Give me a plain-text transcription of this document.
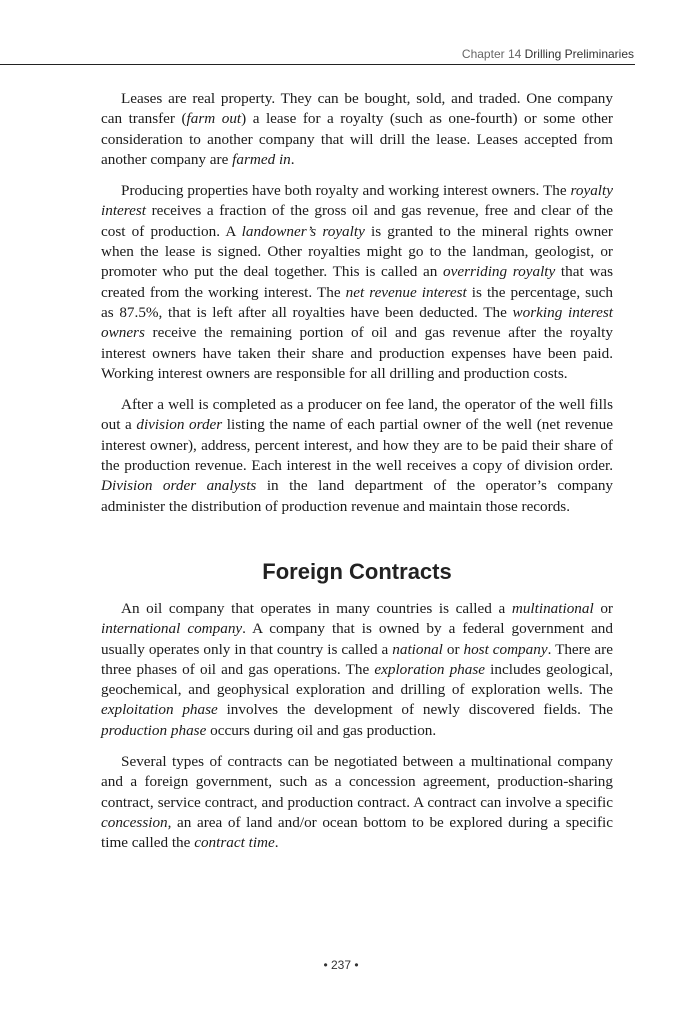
Chapter 14 Drilling Preliminaries

Leases are real property. They can be bought, sold, and traded. One company can transfer (farm out) a lease for a royalty (such as one-fourth) or some other consideration to another company that will drill the lease. Leases accepted from another company are farmed in.

Producing properties have both royalty and working interest owners. The royalty interest receives a fraction of the gross oil and gas revenue, free and clear of the cost of production. A landowner’s royalty is granted to the mineral rights owner when the lease is signed. Other royalties might go to the landman, geologist, or promoter who put the deal together. This is called an overriding royalty that was created from the working interest. The net revenue interest is the percentage, such as 87.5%, that is left after all royalties have been deducted. The working interest owners receive the remaining portion of oil and gas revenue after the royalty interest owners have taken their share and production expenses have been paid. Working interest owners are responsible for all drilling and production costs.

After a well is completed as a producer on fee land, the operator of the well fills out a division order listing the name of each partial owner of the well (net revenue interest owner), address, percent interest, and how they are to be paid their share of the production revenue. Each interest in the well receives a copy of division order. Division order analysts in the land department of the operator’s company administer the distribution of production revenue and maintain those records.

Foreign Contracts

An oil company that operates in many countries is called a multinational or international company. A company that is owned by a federal government and usually operates only in that country is called a national or host company. There are three phases of oil and gas operations. The exploration phase includes geological, geochemical, and geophysical exploration and drilling of exploration wells. The exploitation phase involves the development of newly discovered fields. The production phase occurs during oil and gas production.

Several types of contracts can be negotiated between a multinational company and a foreign government, such as a concession agreement, production-sharing contract, service contract, and production contract. A contract can involve a specific concession, an area of land and/or ocean bottom to be explored during a specific time called the contract time.

• 237 •
